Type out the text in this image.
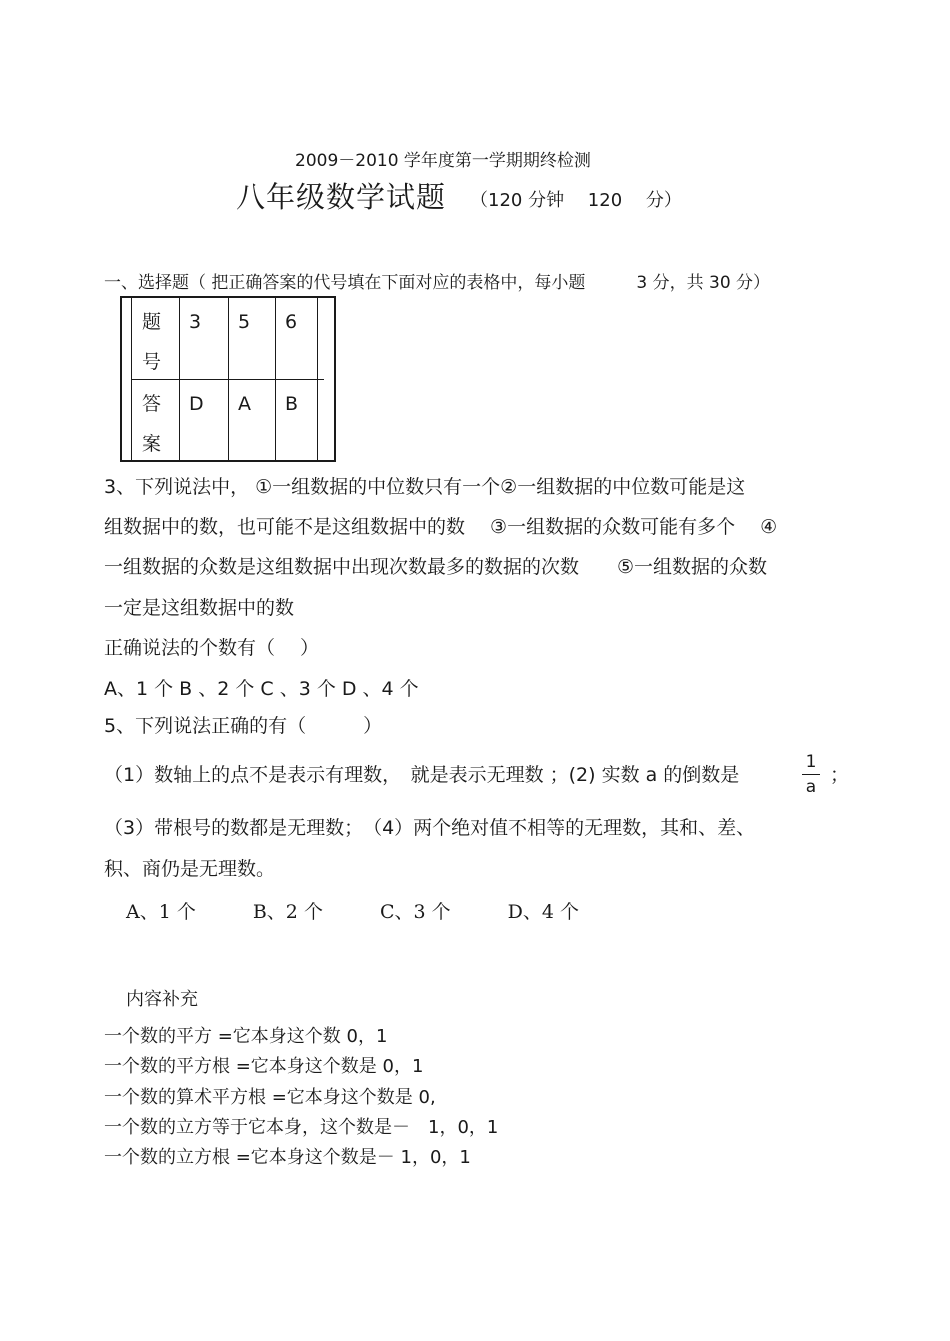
2009－2010 学年度第一学期期终检测
八年级数学试题 （120 分钟　 120　 分）
一、选择题（ 把正确答案的代号填在下面对应的表格中，每小题　　　3 分，共 30 分）
题
号
答
案
3 5 6
D A B
3、下列说法中， ①一组数据的中位数只有一个②一组数据的中位数可能是这
组数据中的数，也可能不是这组数据中的数　 ③一组数据的众数可能有多个　 ④
一组数据的众数是这组数据中出现次数最多的数据的次数　　⑤一组数据的众数
一定是这组数据中的数
正确说法的个数有（　 ）
A、1 个 B 、2 个 C 、3 个 D 、4 个
5、下列说法正确的有（　　　）
（1）数轴上的点不是表示有理数，　就是表示无理数 ；(2) 实数 a 的倒数是
1
a
；
（3）带根号的数都是无理数；　（4）两个绝对值不相等的无理数，其和、差、
积、商仍是无理数。
A、1 个　　　B、2 个　　　C、3 个　　　D、4 个
内容补充
一个数的平方 =它本身这个数 0，1
一个数的平方根 =它本身这个数是 0，1
一个数的算术平方根 =它本身这个数是 0,
一个数的立方等于它本身，这个数是－　1，0，1
一个数的立方根 =它本身这个数是－ 1，0，1
